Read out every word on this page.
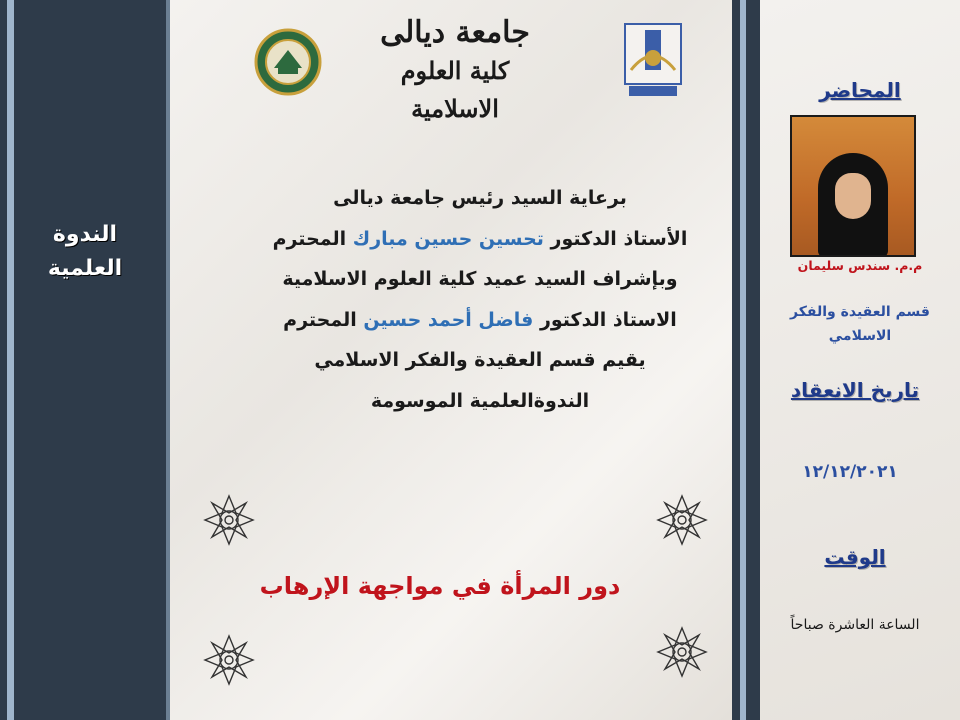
الندوة العلمية
جامعة ديالى
كلية العلوم الاسلامية
برعاية السيد رئيس جامعة ديالى
الأستاذ الدكتور تحسين حسين مبارك المحترم
وبإشراف السيد عميد كلية العلوم الاسلامية
الاستاذ الدكتور فاضل أحمد حسين المحترم
يقيم قسم العقيدة والفكر الاسلامي
الندوةالعلمية الموسومة
دور المرأة في مواجهة الإرهاب
المحاضر
م.م. سندس سليمان
قسم العقيدة والفكر الاسلامي
تاريخ الانعقاد
١٢/١٢/٢٠٢١
الوقت
الساعة العاشرة صباحاً
